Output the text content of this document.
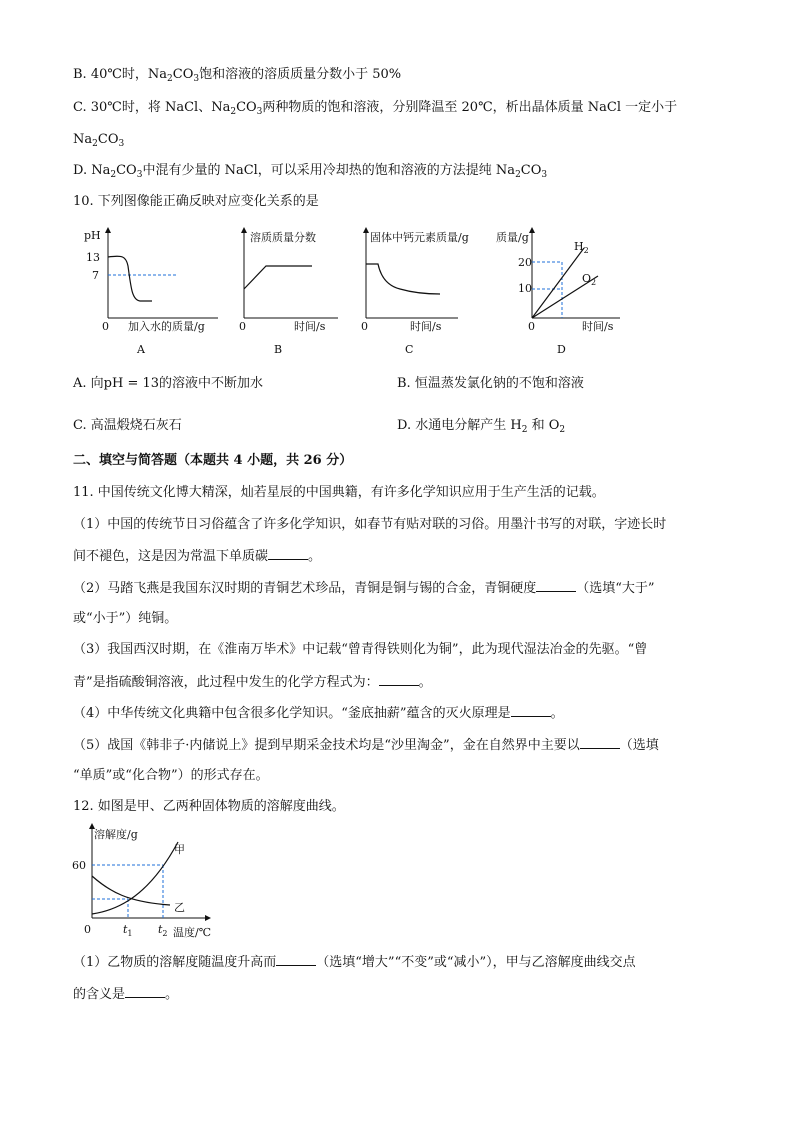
B. 40℃时，$Na_2CO_3$饱和溶液的溶质质量分数小于 50%
C. 30℃时，将 NaCl、$Na_2CO_3$两种物质的饱和溶液，分别降温至 20℃，析出晶体质量 NaCl 一定小于
$Na_2CO_3$
D. $Na_2CO_3$中混有少量的 NaCl，可以采用冷却热的饱和溶液的方法提纯 $Na_2CO_3$
10. 下列图像能正确反映对应变化关系的是
pH
13
7
0 加入水的质量/g
A
溶质质量分数
0	时间/s
B
固体中钙元素质量/g
0	时间/s
C
质量/g
20
10
$H_2$
$O_2$
0	时间/s
D
A. 向pH = 13的溶液中不断加水	B. 恒温蒸发氯化钠的不饱和溶液
C. 高温煅烧石灰石	D. 水通电分解产生 $H_2$ 和 $O_2$
二、填空与简答题（本题共 4 小题，共 26 分）
11. 中国传统文化博大精深，灿若星辰的中国典籍，有许多化学知识应用于生产生活的记载。
（1）中国的传统节日习俗蕴含了许多化学知识，如春节有贴对联的习俗。用墨汁书写的对联，字迹长时
间不褪色，这是因为常温下单质碳	。
（2）马踏飞燕是我国东汉时期的青铜艺术珍品，青铜是铜与锡的合金，青铜硬度	（选填“大于”
或“小于”）纯铜。
（3）我国西汉时期，在《淮南万毕术》中记载“曾青得铁则化为铜”，此为现代湿法冶金的先驱。“曾
青”是指硫酸铜溶液，此过程中发生的化学方程式为：	。
（4）中华传统文化典籍中包含很多化学知识。“釜底抽薪”蕴含的灭火原理是	。
（5）战国《韩非子·内储说上》提到早期采金技术均是“沙里淘金”，金在自然界中主要以	（选填
“单质”或“化合物”）的形式存在。
12. 如图是甲、乙两种固体物质的溶解度曲线。
溶解度/g
60
甲
乙
0	$t_1$ $t_2$ 温度/℃
（1）乙物质的溶解度随温度升高而	（选填“增大”“不变”或“减小”），甲与乙溶解度曲线交点
的含义是	。
